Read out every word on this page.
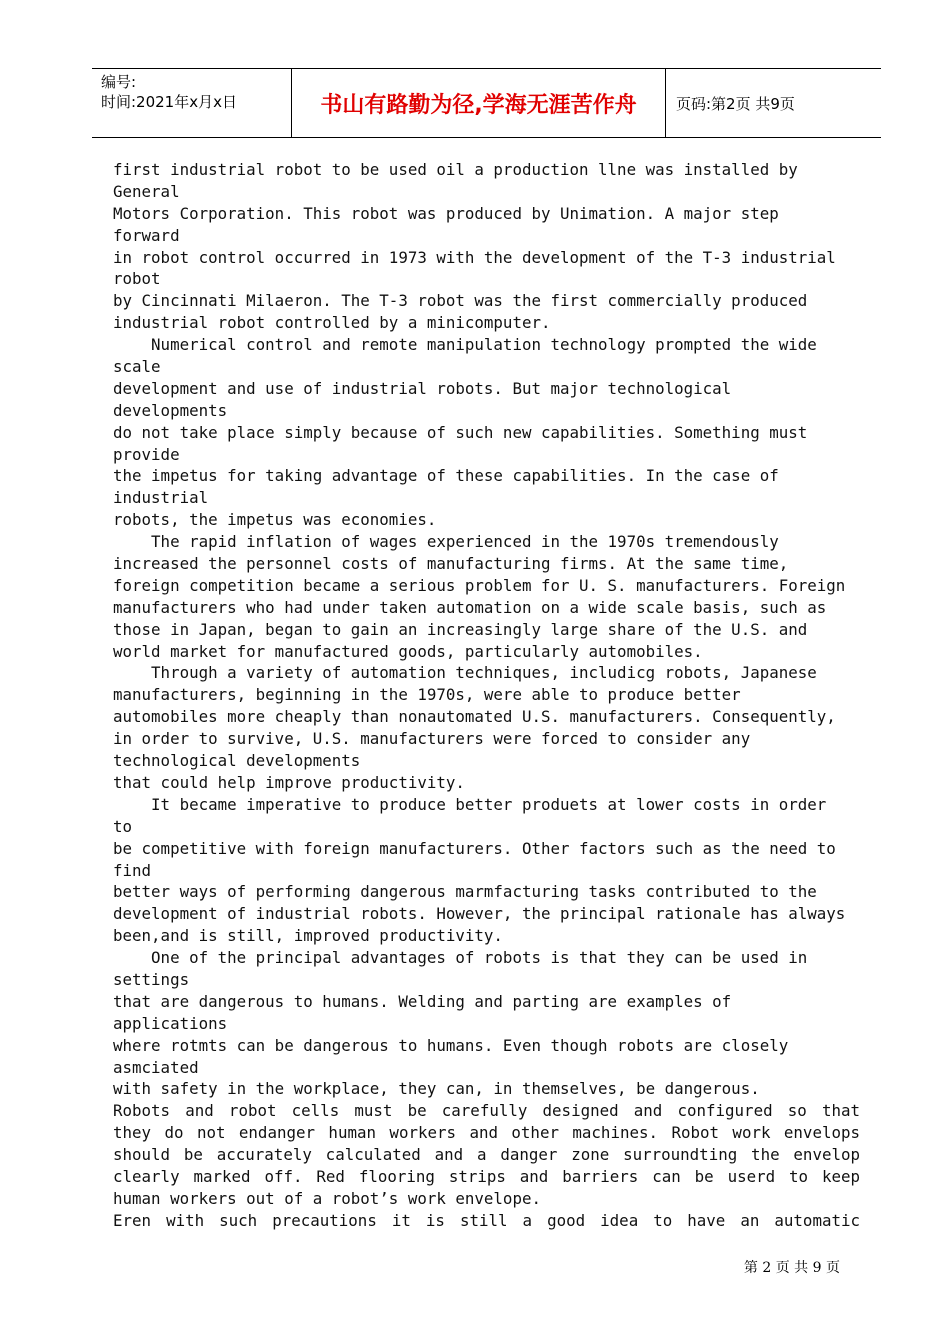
编号:
时间:2021年x月x日	书山有路勤为径,学海无涯苦作舟	页码:第2页 共9页
first industrial robot to be used oil a production llne was installed by
General
Motors Corporation. This robot was produced by Unimation. A major step
forward
in robot control occurred in 1973 with the development of the T-3 industrial
robot
by Cincinnati Milaeron. The T-3 robot was the first commercially produced
industrial robot controlled by a minicomputer.
Numerical control and remote manipulation technology prompted the wide
scale
development and use of industrial robots. But major technological
developments
do not take place simply because of such new capabilities. Something must
provide
the impetus for taking advantage of these capabilities. In the case of
industrial
robots, the impetus was economies.
The rapid inflation of wages experienced in the 1970s tremendously
increased the personnel costs of manufacturing firms. At the same time,
foreign competition became a serious problem for U. S. manufacturers. Foreign
manufacturers who had under taken automation on a wide scale basis, such as
those in Japan, began to gain an increasingly large share of the U.S. and
world market for manufactured goods, particularly automobiles.
Through a variety of automation techniques, includicg robots, Japanese
manufacturers, beginning in the 1970s, were able to produce better
automobiles more cheaply than nonautomated U.S. manufacturers. Consequently,
in order to survive, U.S. manufacturers were forced to consider any
technological developments
that could help improve productivity.
It became imperative to produce better produets at lower costs in order
to
be competitive with foreign manufacturers. Other factors such as the need to
find
better ways of performing dangerous marmfacturing tasks contributed to the
development of industrial robots. However, the principal rationale has always
been,and is still, improved productivity.
One of the principal advantages of robots is that they can be used in
settings
that are dangerous to humans. Welding and parting are examples of
applications
where rotmts can be dangerous to humans. Even though robots are closely
asmciated
with safety in the workplace, they can, in themselves, be dangerous.
Robots and robot cells must be carefully designed and configured so that
they do not endanger human workers and other machines. Robot work envelops
should be accurately calculated and a danger zone surroundting the envelop
clearly marked off. Red flooring strips and barriers can be userd to keep
human workers out of a robot’s work envelope.
Eren with such precautions it is still a good idea to have an automatic
第 2 页 共 9 页
